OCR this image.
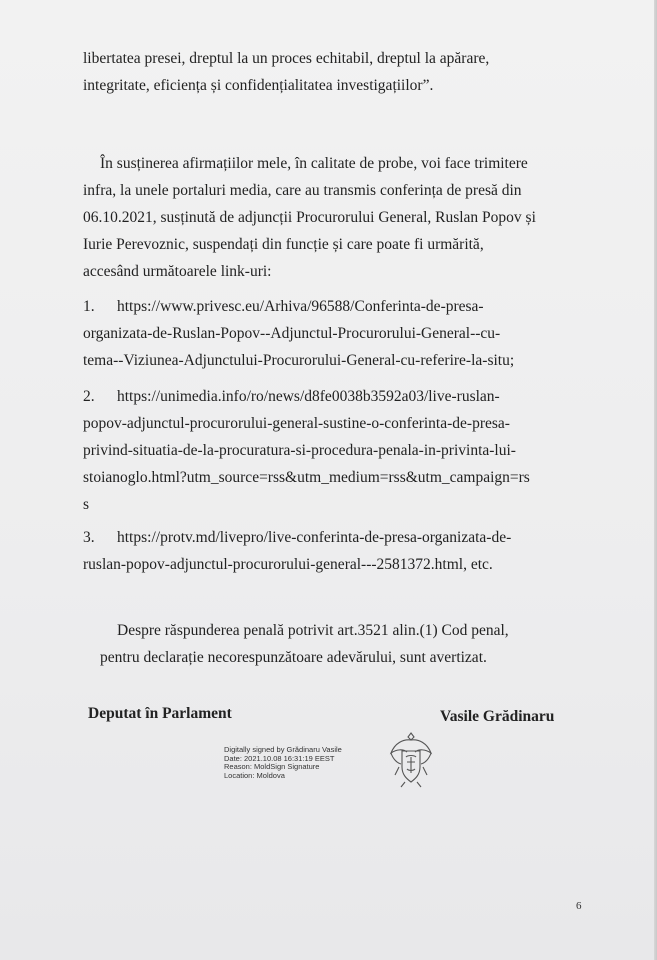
libertatea presei, dreptul la un proces echitabil, dreptul la apărare,
integritate, eficiența și confidențialitatea investigațiilor”.

În susținerea afirmațiilor mele, în calitate de probe, voi face trimitere
infra, la unele portaluri media, care au transmis conferința de presă din
06.10.2021, susținută de adjuncții Procurorului General, Ruslan Popov și
Iurie Perevoznic, suspendați din funcție și care poate fi urmărită,
accesând următoarele link-uri:

1. https://www.privesc.eu/Arhiva/96588/Conferinta-de-presa-
organizata-de-Ruslan-Popov--Adjunctul-Procurorului-General--cu-
tema--Viziunea-Adjunctului-Procurorului-General-cu-referire-la-situ;

2. https://unimedia.info/ro/news/d8fe0038b3592a03/live-ruslan-
popov-adjunctul-procurorului-general-sustine-o-conferinta-de-presa-
privind-situatia-de-la-procuratura-si-procedura-penala-in-privinta-lui-
stoianoglo.html?utm_source=rss&utm_medium=rss&utm_campaign=rs
s

3. https://protv.md/livepro/live-conferinta-de-presa-organizata-de-
ruslan-popov-adjunctul-procurorului-general---2581372.html, etc.

Despre răspunderea penală potrivit art.3521 alin.(1) Cod penal,
pentru declarație necorespunzătoare adevărului, sunt avertizat.

Deputat în Parlament	Vasile Grădinaru
Digitally signed by Grădinaru Vasile
Date: 2021.10.08 16:31:19 EEST
Reason: MoldSign Signature
Location: Moldova
6
